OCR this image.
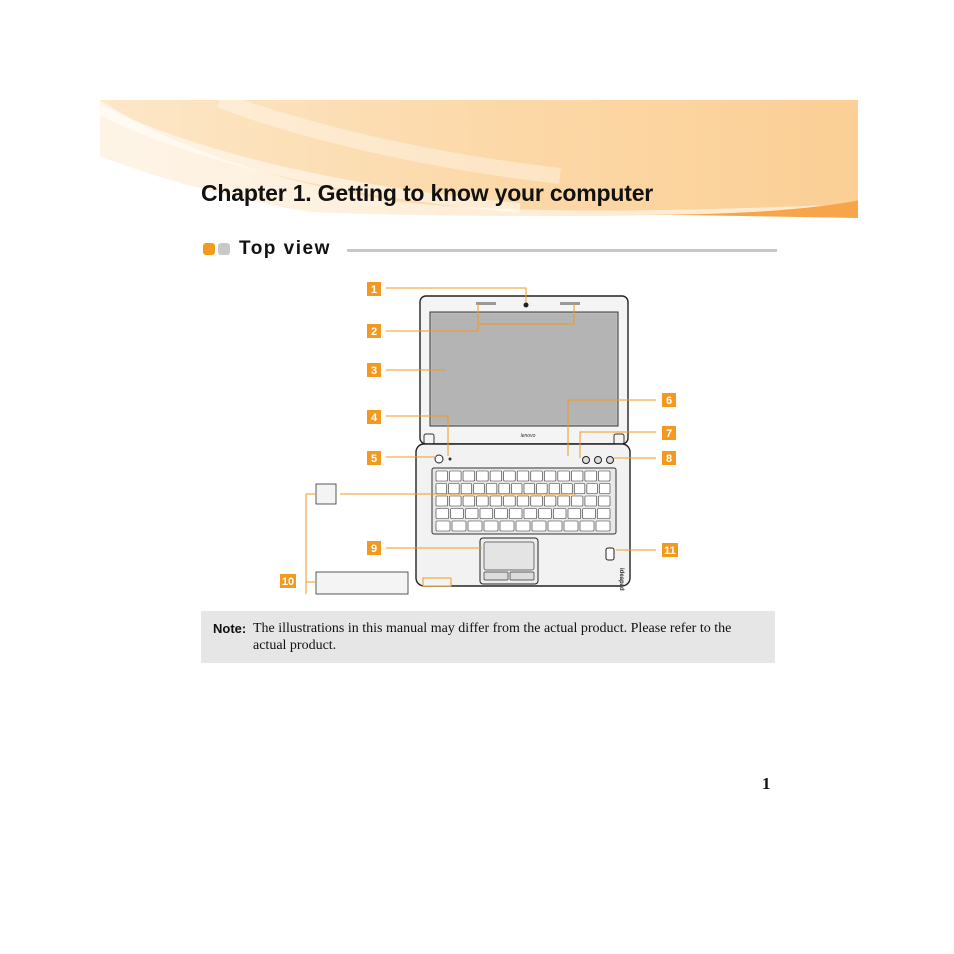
Chapter 1. Getting to know your computer
Top view
lenovo
ideapad
1
2
3
4
5
6
7
8
9
10
11
Note: The illustrations in this manual may differ from the actual product. Please refer to the actual product.
1
